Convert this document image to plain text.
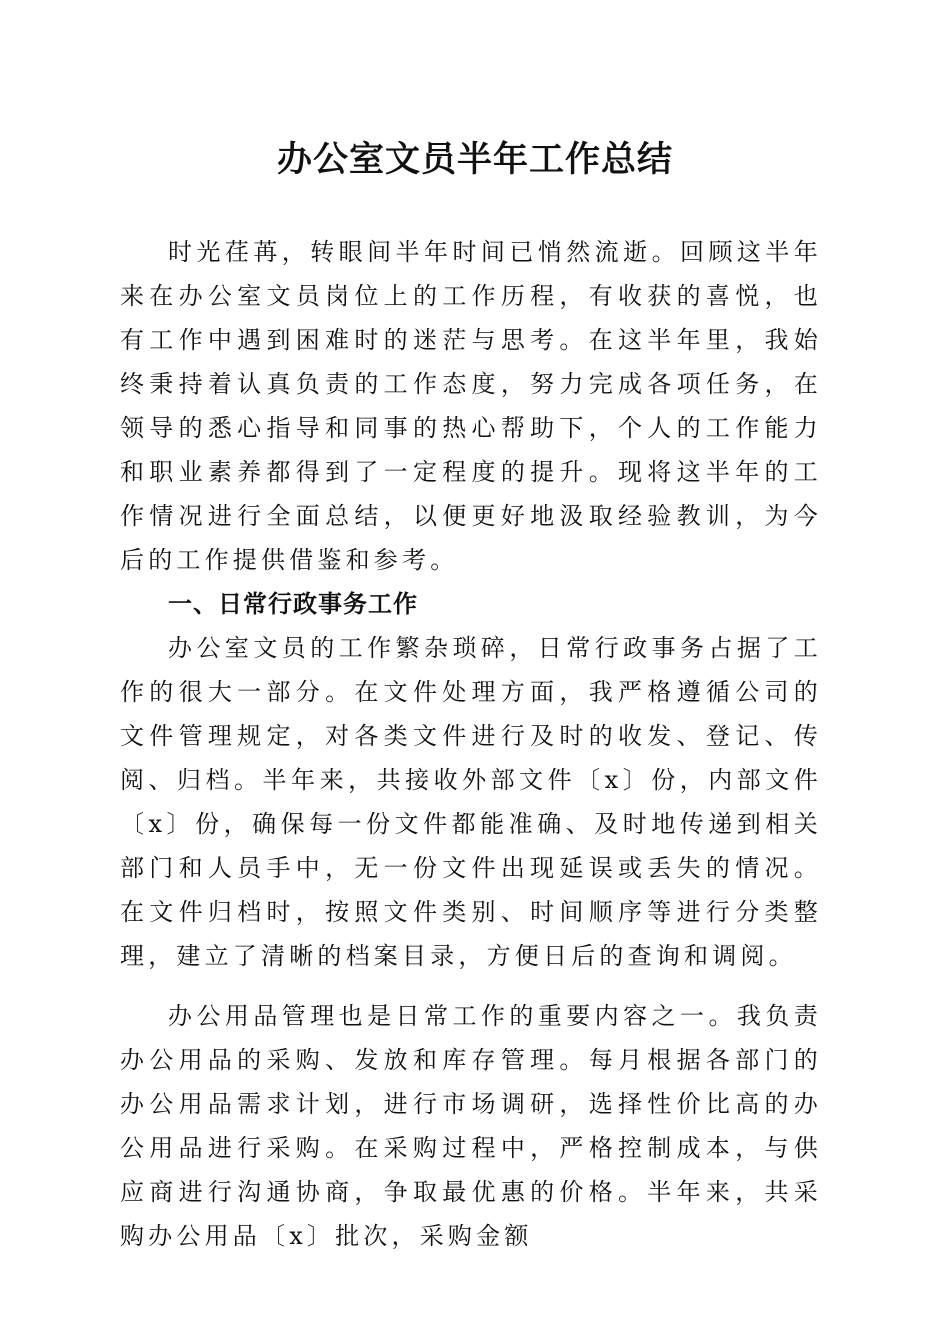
办公室文员半年工作总结

时光荏苒，转眼间半年时间已悄然流逝。回顾这半年来在办公室文员岗位上的工作历程，有收获的喜悦，也有工作中遇到困难时的迷茫与思考。在这半年里，我始终秉持着认真负责的工作态度，努力完成各项任务，在领导的悉心指导和同事的热心帮助下，个人的工作能力和职业素养都得到了一定程度的提升。现将这半年的工作情况进行全面总结，以便更好地汲取经验教训，为今后的工作提供借鉴和参考。

一、日常行政事务工作

办公室文员的工作繁杂琐碎，日常行政事务占据了工作的很大一部分。在文件处理方面，我严格遵循公司的文件管理规定，对各类文件进行及时的收发、登记、传阅、归档。半年来，共接收外部文件〔x〕份，内部文件〔x〕份，确保每一份文件都能准确、及时地传递到相关部门和人员手中，无一份文件出现延误或丢失的情况。在文件归档时，按照文件类别、时间顺序等进行分类整理，建立了清晰的档案目录，方便日后的查询和调阅。

办公用品管理也是日常工作的重要内容之一。我负责办公用品的采购、发放和库存管理。每月根据各部门的办公用品需求计划，进行市场调研，选择性价比高的办公用品进行采购。在采购过程中，严格控制成本，与供应商进行沟通协商，争取最优惠的价格。半年来，共采购办公用品〔x〕批次，采购金额
